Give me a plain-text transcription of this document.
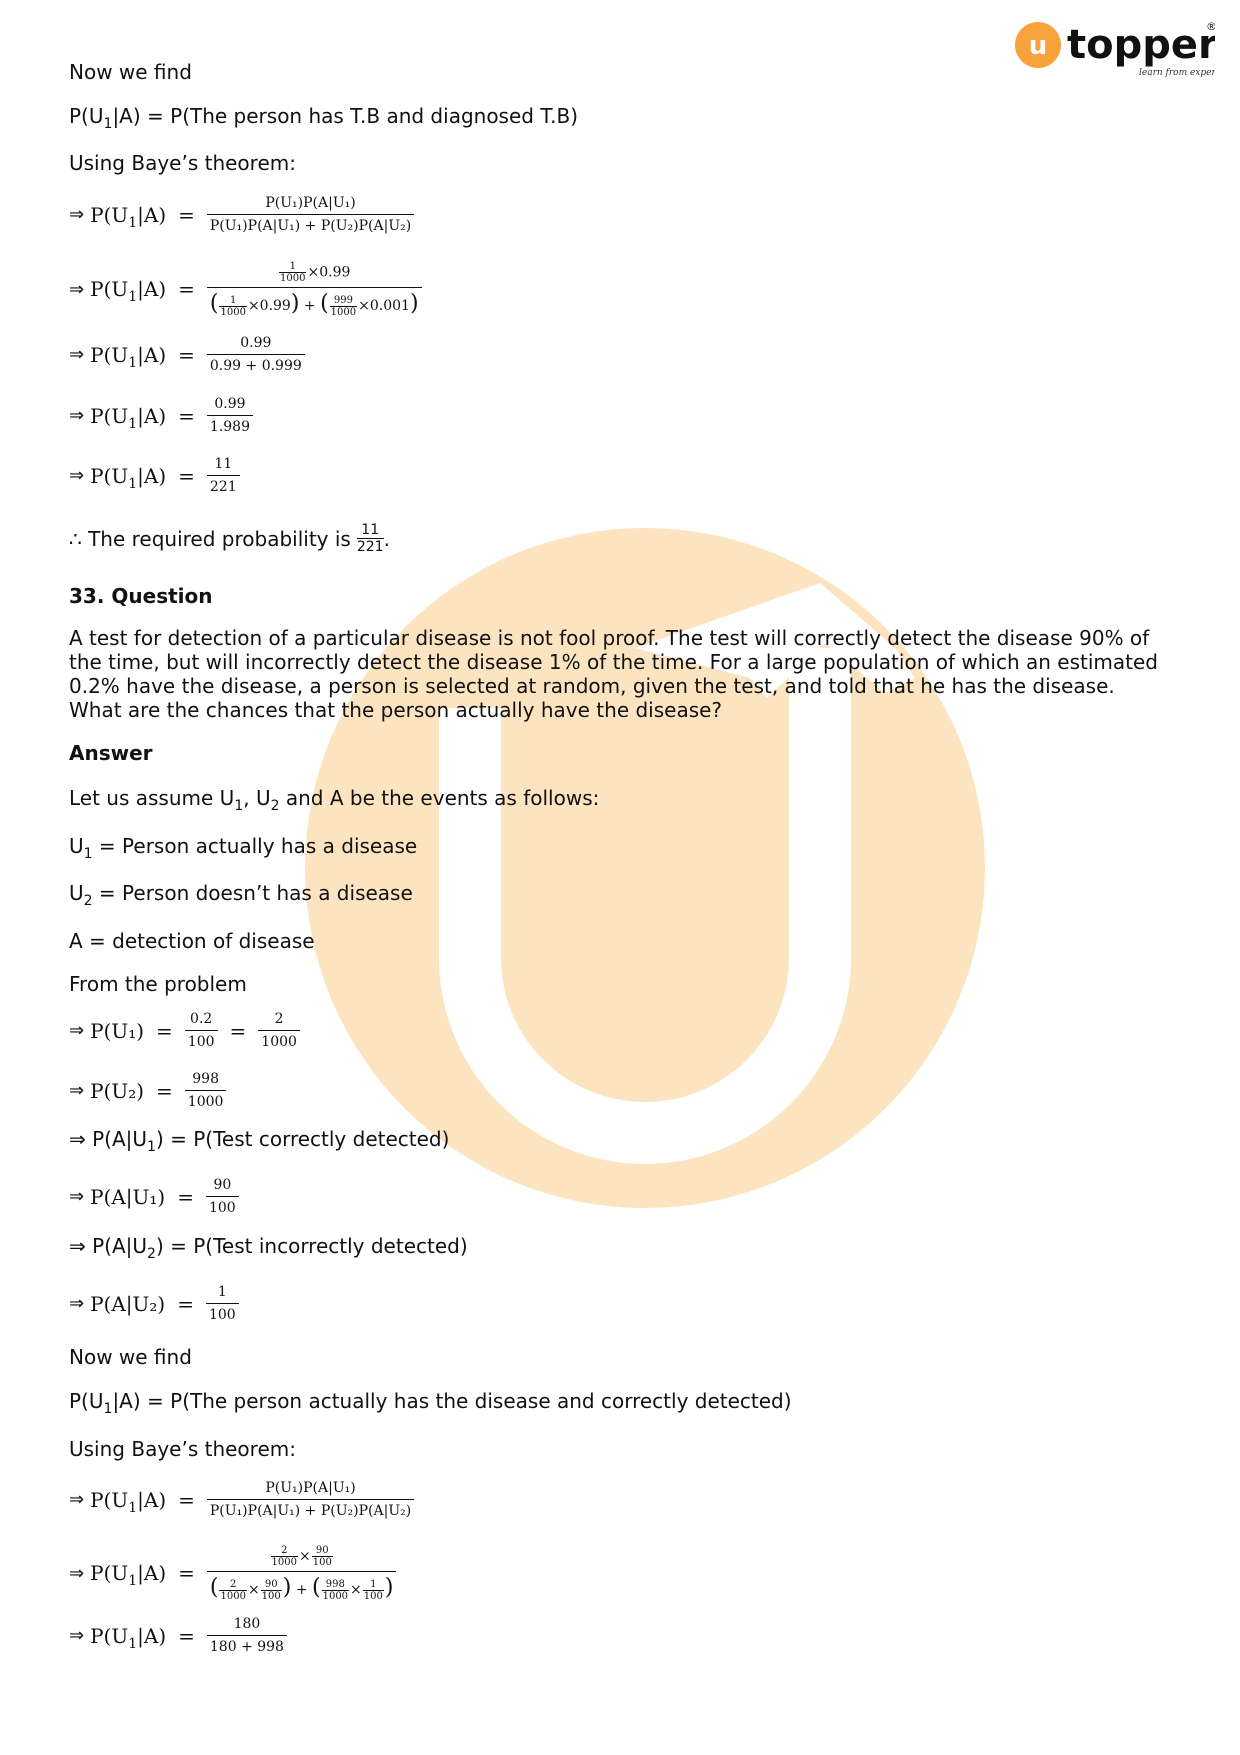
u topper
®
learn from exper
Now we find
$P(U_1|A) = P(The$ person has T.B and diagnosed T.B)
Using Baye’s theorem:
⇒ $P(U_1|A) = \frac{\text{P(U₁)P(A|U₁)}}{\text{P(U₁)P(A|U₁) + P(U₂)P(A|U₂)}}$
⇒ $P(U_1|A) = \frac{\frac{1}{1000} \times 0.99}{( \frac{1}{1000} \times 0.99) + ( \frac{999}{1000} \times 0.001)}$
⇒ $P(U_1|A) = \frac{0.99}{0.99 + 0.999}$
⇒ $P(U_1|A) = \frac{0.99}{1.989}$
⇒ $P(U_1|A) = \frac{11}{221}$
∴ The required probability is 11
221 .
33. Question
A test for detection of a particular disease is not fool proof. The test will correctly detect the disease 90% of the time, but will incorrectly detect the disease 1% of the time. For a large population of which an estimated 0.2% have the disease, a person is selected at random, given the test, and told that he has the disease. What are the chances that the person actually have the disease?
Answer
Let us assume $U_1$, $U_2$ and A be the events as follows:
$U_1$ = Person actually has a disease
$U_2$ = Person doesn’t has a disease
A = detection of disease
From the problem
⇒ $P(U_1) = \frac{0.2}{100} = \frac{2}{1000}$
⇒ $P(U_2) = \frac{998}{1000}$
⇒ $P(A|U_1)$ = P(Test correctly detected)
⇒ $P(A|U_1) = \frac{90}{100}$
⇒ $P(A|U_2)$ = P(Test incorrectly detected)
⇒ $P(A|U_2) = \frac{1}{100}$
Now we find
$P(U_1|A) = P(The$ person actually has the disease and correctly detected)
Using Baye’s theorem:
⇒ $P(U_1|A) = \frac{\text{P(U₁)P(A|U₁)}}{\text{P(U₁)P(A|U₁) + P(U₂)P(A|U₂)}}$
⇒ $P(U_1|A) = \frac{\frac{2}{1000} \times \frac{90}{100}}{( \frac{2}{1000} \times \frac{90}{100} ) + ( \frac{998}{1000} \times \frac{1}{100} )}$
⇒ $P(U_1|A) = \frac{180}{180 + 998}$
